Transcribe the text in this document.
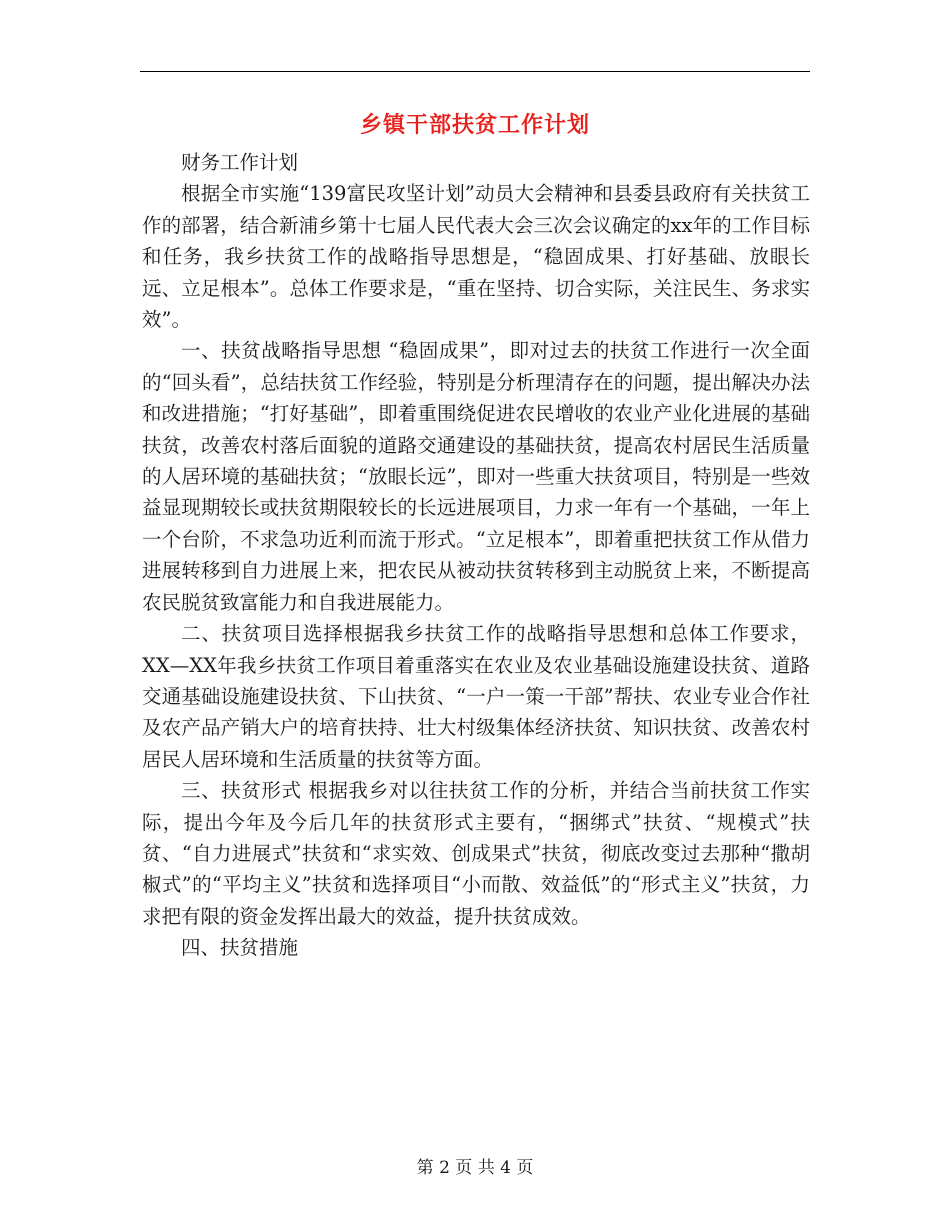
乡镇干部扶贫工作计划

财务工作计划

根据全市实施“139富民攻坚计划”动员大会精神和县委县政府有关扶贫工作的部署，结合新浦乡第十七届人民代表大会三次会议确定的xx年的工作目标和任务，我乡扶贫工作的战略指导思想是，“稳固成果、打好基础、放眼长远、立足根本”。总体工作要求是，“重在坚持、切合实际，关注民生、务求实效”。

一、扶贫战略指导思想 “稳固成果”，即对过去的扶贫工作进行一次全面的“回头看”，总结扶贫工作经验，特别是分析理清存在的问题，提出解决办法和改进措施；“打好基础”，即着重围绕促进农民增收的农业产业化进展的基础扶贫，改善农村落后面貌的道路交通建设的基础扶贫，提高农村居民生活质量的人居环境的基础扶贫；“放眼长远”，即对一些重大扶贫项目，特别是一些效益显现期较长或扶贫期限较长的长远进展项目，力求一年有一个基础，一年上一个台阶，不求急功近利而流于形式。“立足根本”，即着重把扶贫工作从借力进展转移到自力进展上来，把农民从被动扶贫转移到主动脱贫上来，不断提高农民脱贫致富能力和自我进展能力。

二、扶贫项目选择根据我乡扶贫工作的战略指导思想和总体工作要求，XX—XX年我乡扶贫工作项目着重落实在农业及农业基础设施建设扶贫、道路交通基础设施建设扶贫、下山扶贫、“一户一策一干部”帮扶、农业专业合作社及农产品产销大户的培育扶持、壮大村级集体经济扶贫、知识扶贫、改善农村居民人居环境和生活质量的扶贫等方面。

三、扶贫形式 根据我乡对以往扶贫工作的分析，并结合当前扶贫工作实际，提出今年及今后几年的扶贫形式主要有，“捆绑式”扶贫、“规模式”扶贫、“自力进展式”扶贫和“求实效、创成果式”扶贫，彻底改变过去那种“撒胡椒式”的“平均主义”扶贫和选择项目“小而散、效益低”的“形式主义”扶贫，力求把有限的资金发挥出最大的效益，提升扶贫成效。

四、扶贫措施

第 2 页 共 4 页
